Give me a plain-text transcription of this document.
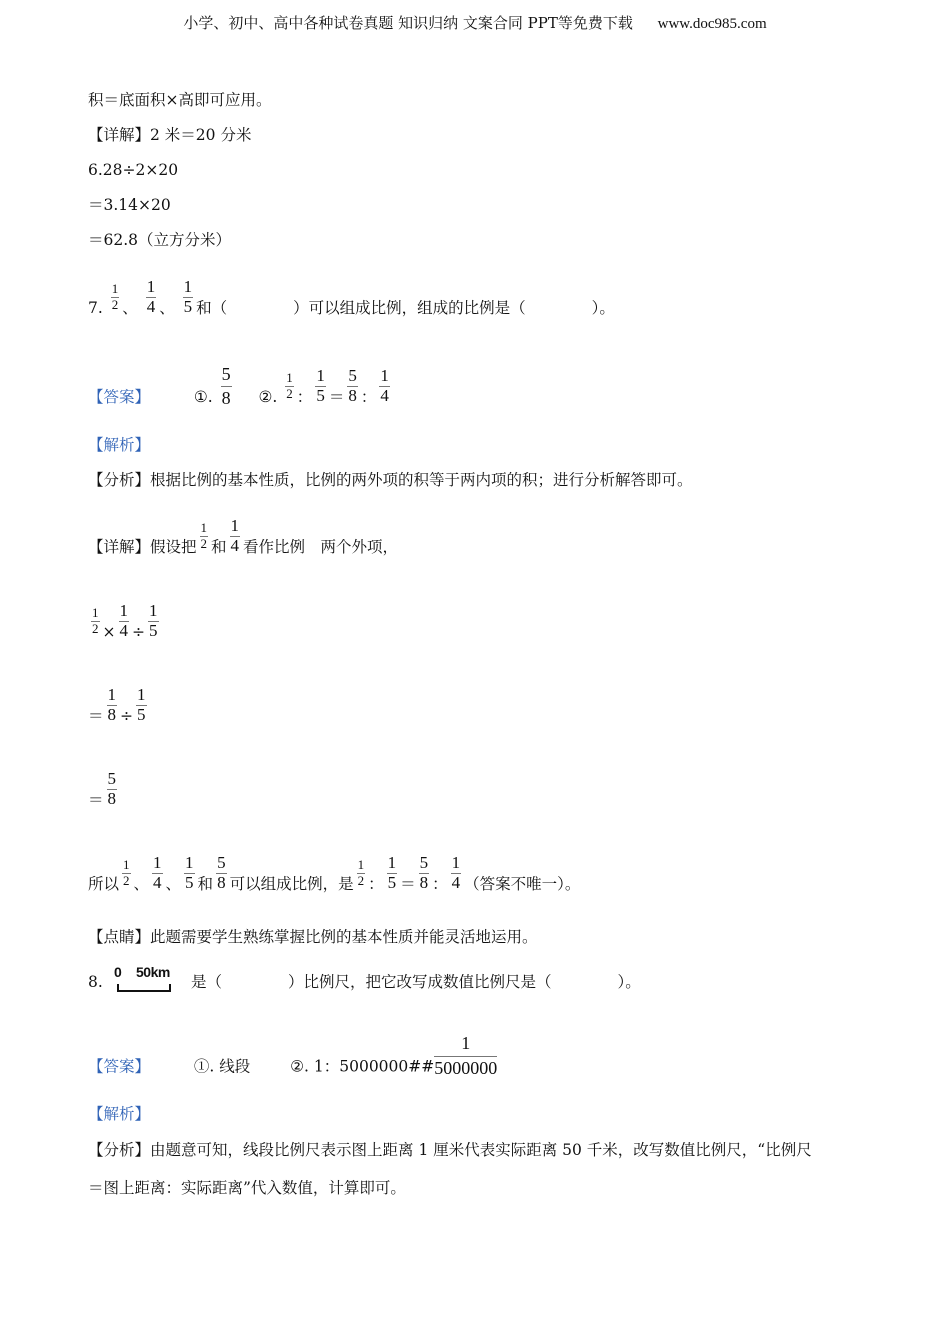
小学、初中、高中各种试卷真题 知识归纳 文案合同 PPT等免费下载 www.doc985.com
积＝底面积×高即可应用。
【详解】2 米＝20 分米
6.28÷2×20
＝3.14×20
＝62.8（立方分米）
7. $\frac{1}{2}$ 、 $\frac{1}{4}$ 、 $\frac{1}{5}$ 和（	）可以组成比例，组成的比例是（	）。
【答案】	①. $\frac{5}{8}$ ②. $\frac{1}{2}$ ： $\frac{1}{5} = \frac{5}{8}$ ： $\frac{1}{4}$
【解析】
【分析】根据比例的基本性质，比例的两外项的积等于两内项的积；进行分析解答即可。
【详解】假设把 $\frac{1}{2}$ 和 $\frac{1}{4}$ 看作比例　两个外项，
$\frac{1}{2} \times \frac{1}{4} \div \frac{1}{5}$
＝ $\frac{1}{8} \div \frac{1}{5}$
＝ $\frac{5}{8}$
所以 $\frac{1}{2}$ 、 $\frac{1}{4}$ 、 $\frac{1}{5}$ 和 $\frac{5}{8}$ 可以组成比例，是 $\frac{1}{2}$ ： $\frac{1}{5} = \frac{5}{8}$ ： $\frac{1}{4}$ （答案不唯一）。
【点睛】此题需要学生熟练掌握比例的基本性质并能灵活地运用。
8.
0 50km
是（	）比例尺，把它改写成数值比例尺是（	）。
【答案】	①. 线段	②. 1：5000000## $\frac{1}{5000000}$
【解析】
【分析】由题意可知，线段比例尺表示图上距离 1 厘米代表实际距离 50 千米，改写数值比例尺，“比例尺
＝图上距离：实际距离”代入数值，计算即可。
